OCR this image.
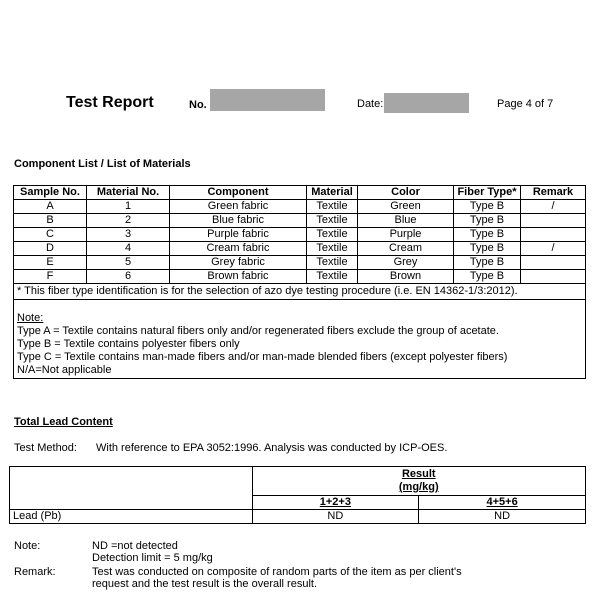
Test Report	No.	Date:	Page 4 of 7
Component List / List of Materials
Sample No.	Material No.	Component	Material	Color	Fiber Type*	Remark
A	1	Green fabric	Textile	Green	Type B	/
B	2	Blue fabric	Textile	Blue	Type B	
C	3	Purple fabric	Textile	Purple	Type B	
D	4	Cream fabric	Textile	Cream	Type B	/
E	5	Grey fabric	Textile	Grey	Type B	
F	6	Brown fabric	Textile	Brown	Type B	
* This fiber type identification is for the selection of azo dye testing procedure (i.e. EN 14362-1/3:2012).						

Note:
Type A = Textile contains natural fibers only and/or regenerated fibers exclude the group of acetate.
Type B = Textile contains polyester fibers only
Type C = Textile contains man-made fibers and/or man-made blended fibers (except polyester fibers)
N/A=Not applicable						
Total Lead Content
Test Method: With reference to EPA 3052:1996. Analysis was conducted by ICP-OES.
	Result
(mg/kg)	
	1+2+3	4+5+6
Lead (Pb)	ND	ND
Note:	ND =not detected
Detection limit = 5 mg/kg
Remark:	Test was conducted on composite of random parts of the item as per client's request and the test result is the overall result.
